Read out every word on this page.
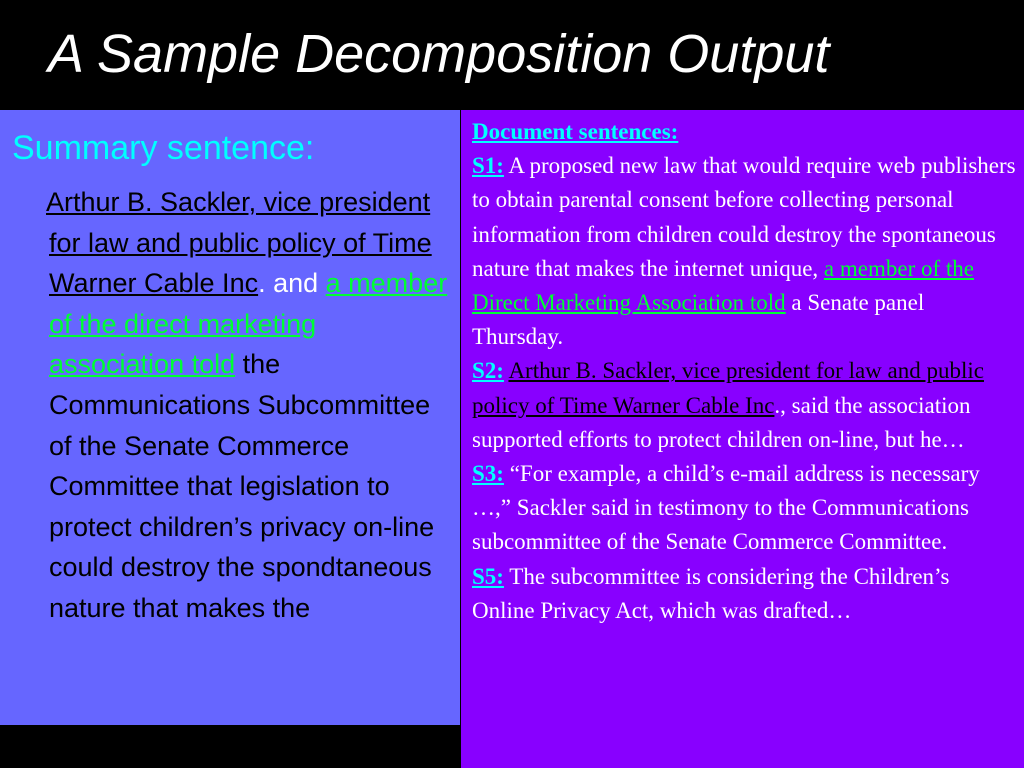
A Sample Decomposition Output
Summary sentence:
Arthur B. Sackler, vice president for law and public policy of Time Warner Cable Inc. and a member of the direct marketing association told the Communications Subcommittee of the Senate Commerce Committee that legislation to protect children’s privacy on-line could destroy the spondtaneous nature that makes the

Document sentences:

S1: A proposed new law that would require web publishers to obtain parental consent before collecting personal information from children could destroy the spontaneous nature that makes the internet unique, a member of the Direct Marketing Association told a Senate panel Thursday.

S2: Arthur B. Sackler, vice president for law and public policy of Time Warner Cable Inc., said the association supported efforts to protect children on-line, but he…

S3: “For example, a child’s e-mail address is necessary …,” Sackler said in testimony to the Communications subcommittee of the Senate Commerce Committee.

S5: The subcommittee is considering the Children’s Online Privacy Act, which was drafted…
